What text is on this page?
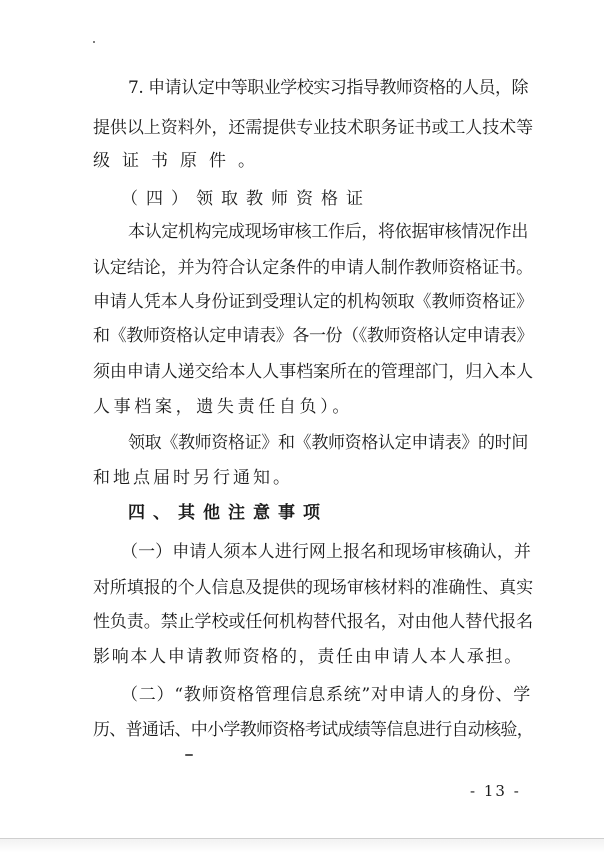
7. 申请认定中等职业学校实习指导教师资格的人员，除
提供以上资料外，还需提供专业技术职务证书或工人技术等
级证书原件。
（四）领取教师资格证
本认定机构完成现场审核工作后，将依据审核情况作出
认定结论，并为符合认定条件的申请人制作教师资格证书。
申请人凭本人身份证到受理认定的机构领取《教师资格证》
和《教师资格认定申请表》各一份（《教师资格认定申请表》
须由申请人递交给本人人事档案所在的管理部门，归入本人
人事档案，遗失责任自负）。
领取《教师资格证》和《教师资格认定申请表》的时间
和地点届时另行通知。
四、其他注意事项
（一）申请人须本人进行网上报名和现场审核确认，并
对所填报的个人信息及提供的现场审核材料的准确性、真实
性负责。禁止学校或任何机构替代报名，对由他人替代报名
影响本人申请教师资格的，责任由申请人本人承担。
（二）“教师资格管理信息系统”对申请人的身份、学
历、普通话、中小学教师资格考试成绩等信息进行自动核验，
- 13 -
